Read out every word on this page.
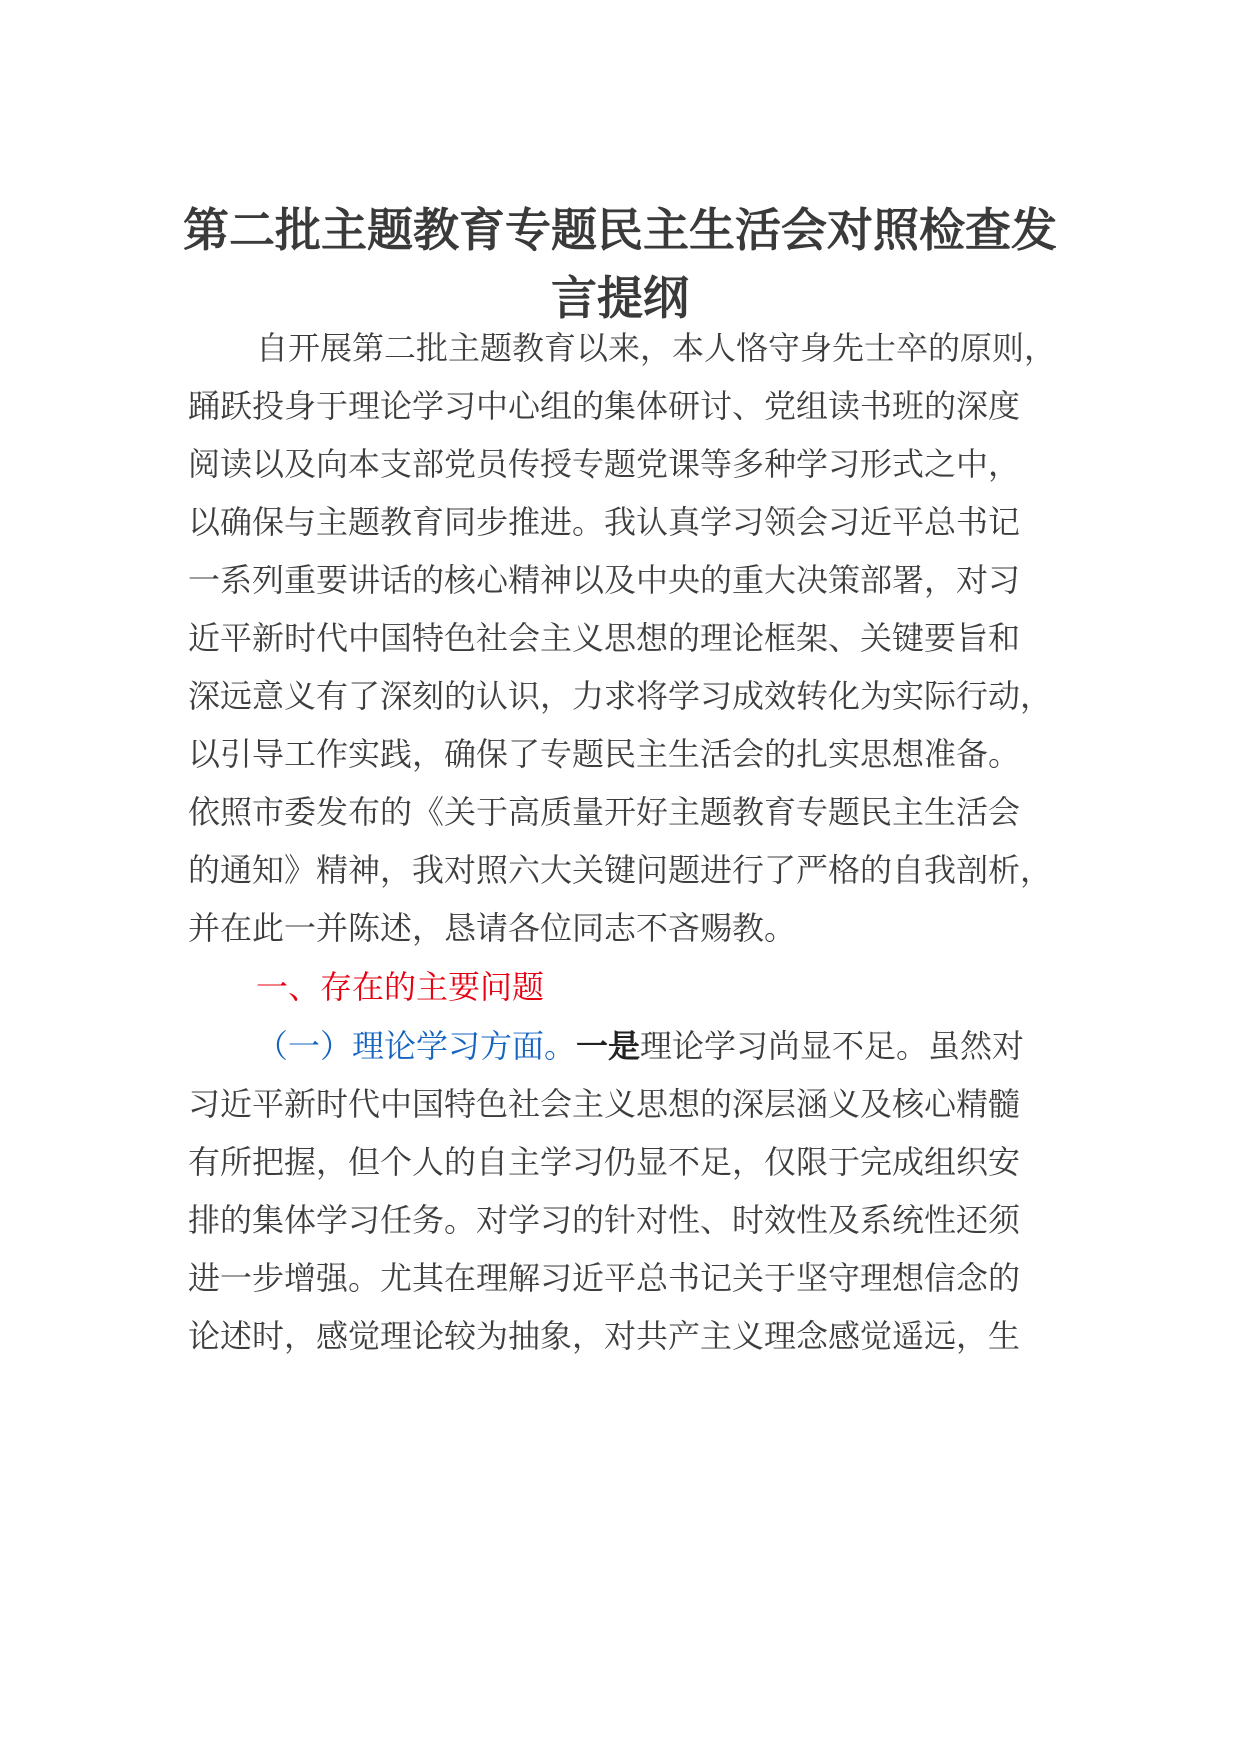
第二批主题教育专题民主生活会对照检查发
言提纲
自开展第二批主题教育以来，本人恪守身先士卒的原则，
踊跃投身于理论学习中心组的集体研讨、党组读书班的深度
阅读以及向本支部党员传授专题党课等多种学习形式之中，
以确保与主题教育同步推进。我认真学习领会习近平总书记
一系列重要讲话的核心精神以及中央的重大决策部署，对习
近平新时代中国特色社会主义思想的理论框架、关键要旨和
深远意义有了深刻的认识，力求将学习成效转化为实际行动，
以引导工作实践，确保了专题民主生活会的扎实思想准备。
依照市委发布的《关于高质量开好主题教育专题民主生活会
的通知》精神，我对照六大关键问题进行了严格的自我剖析，
并在此一并陈述，恳请各位同志不吝赐教。
一、存在的主要问题
（一）理论学习方面。一是理论学习尚显不足。虽然对
习近平新时代中国特色社会主义思想的深层涵义及核心精髓
有所把握，但个人的自主学习仍显不足，仅限于完成组织安
排的集体学习任务。对学习的针对性、时效性及系统性还须
进一步增强。尤其在理解习近平总书记关于坚守理想信念的
论述时，感觉理论较为抽象，对共产主义理念感觉遥远，生
